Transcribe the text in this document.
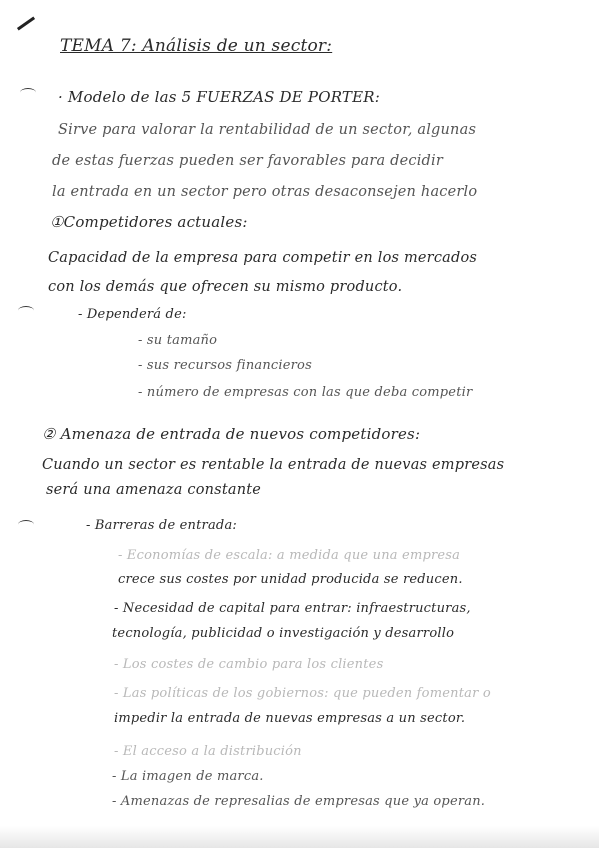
TEMA 7: Análisis de un sector:
· Modelo de las 5 FUERZAS DE PORTER:
Sirve para valorar la rentabilidad de un sector, algunas
de estas fuerzas pueden ser favorables para decidir
la entrada en un sector pero otras desaconsejen hacerlo
①Competidores actuales:
Capacidad de la empresa para competir en los mercados
con los demás que ofrecen su mismo producto.
- Dependerá de:
- su tamaño
- sus recursos financieros
- número de empresas con las que deba competir
② Amenaza de entrada de nuevos competidores:
Cuando un sector es rentable la entrada de nuevas empresas
será una amenaza constante
- Barreras de entrada:
- Economías de escala: a medida que una empresa
crece sus costes por unidad producida se reducen.
- Necesidad de capital para entrar: infraestructuras,
tecnología, publicidad o investigación y desarrollo
- Los costes de cambio para los clientes
- Las políticas de los gobiernos: que pueden fomentar o
impedir la entrada de nuevas empresas a un sector.
- El acceso a la distribución
- La imagen de marca.
- Amenazas de represalias de empresas que ya operan.
